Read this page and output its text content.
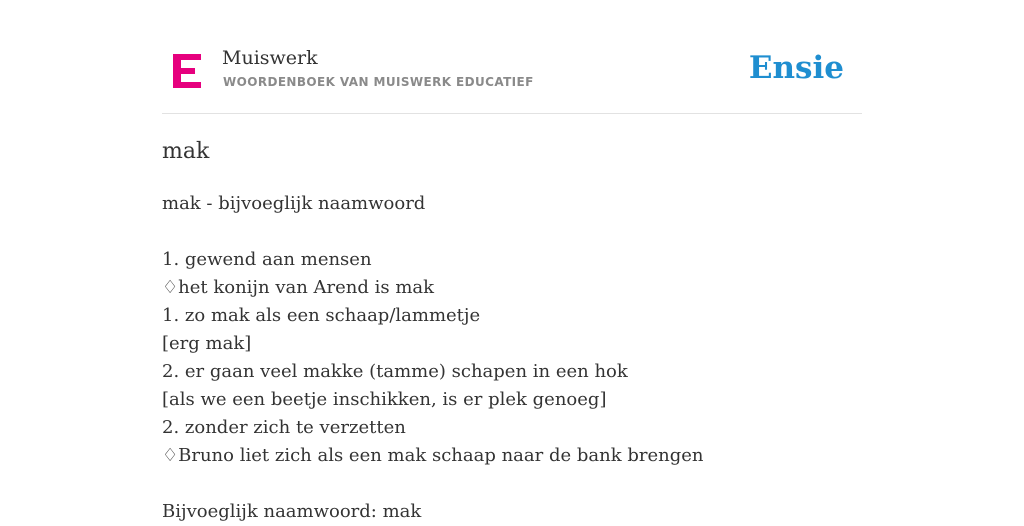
Muiswerk
WOORDENBOEK VAN MUISWERK EDUCATIEF	Ensie
mak
mak - bijvoeglijk naamwoord
1. gewend aan mensen
♢het konijn van Arend is mak
1. zo mak als een schaap/lammetje
[erg mak]
2. er gaan veel makke (tamme) schapen in een hok
[als we een beetje inschikken, is er plek genoeg]
2. zonder zich te verzetten
♢Bruno liet zich als een mak schaap naar de bank brengen
Bijvoeglijk naamwoord: mak
